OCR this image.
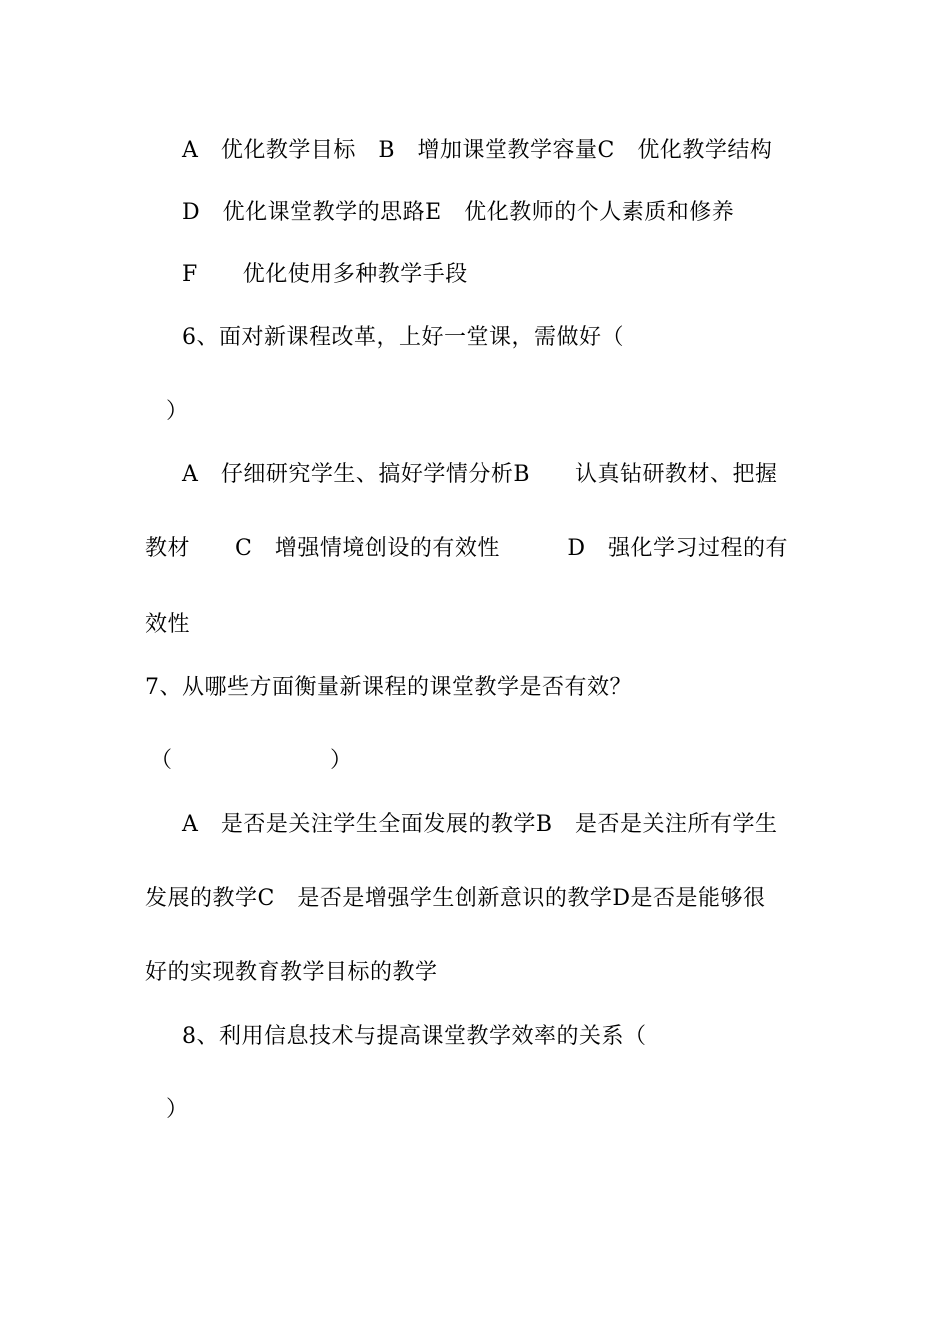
A　优化教学目标　B　增加课堂教学容量C　优化教学结构
D　优化课堂教学的思路E　优化教师的个人素质和修养
F　　优化使用多种教学手段
6、面对新课程改革，上好一堂课，需做好（
）
A　仔细研究学生、搞好学情分析B　　认真钻研教材、把握
教材　　C　增强情境创设的有效性　　　D　强化学习过程的有
效性
7、从哪些方面衡量新课程的课堂教学是否有效？
（　　　　　　　）
A　是否是关注学生全面发展的教学B　是否是关注所有学生
发展的教学C　是否是增强学生创新意识的教学D是否是能够很
好的实现教育教学目标的教学
8、利用信息技术与提高课堂教学效率的关系（
）
